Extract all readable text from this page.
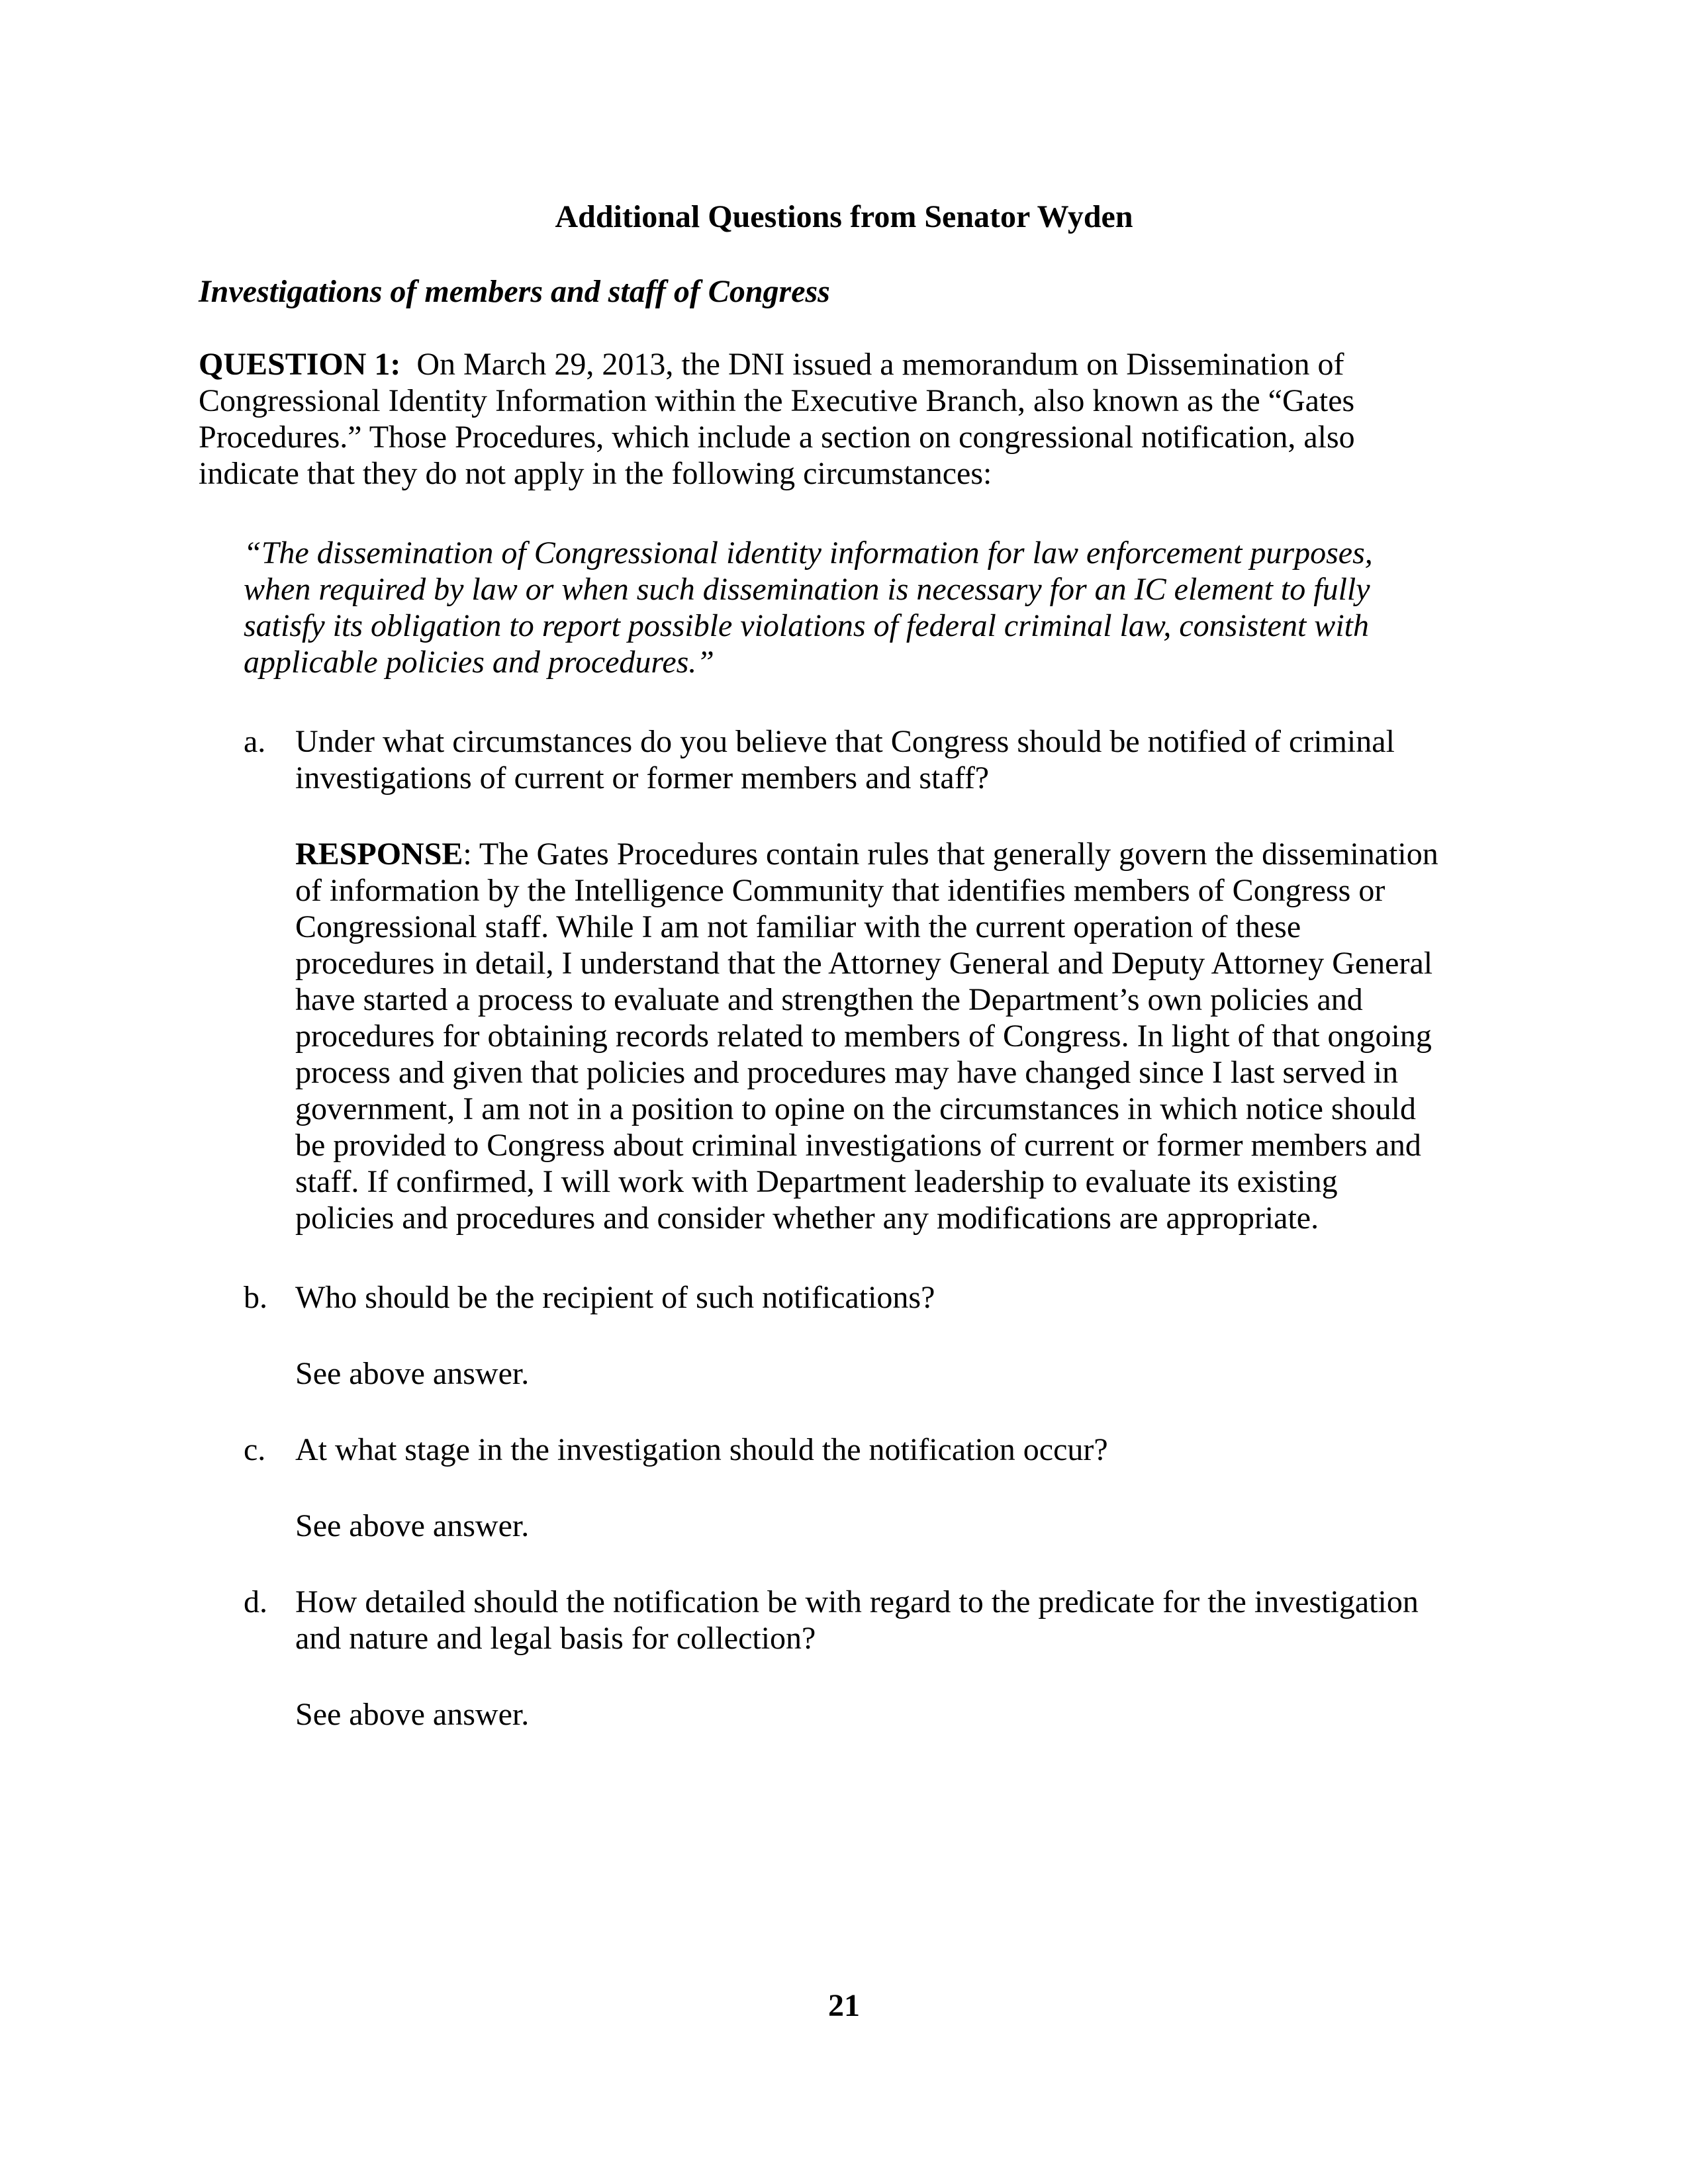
Additional Questions from Senator Wyden
Investigations of members and staff of Congress
QUESTION 1:  On March 29, 2013, the DNI issued a memorandum on Dissemination of
Congressional Identity Information within the Executive Branch, also known as the “Gates
Procedures.” Those Procedures, which include a section on congressional notification, also
indicate that they do not apply in the following circumstances:
“The dissemination of Congressional identity information for law enforcement purposes,
when required by law or when such dissemination is necessary for an IC element to fully
satisfy its obligation to report possible violations of federal criminal law, consistent with
applicable policies and procedures.”
a. Under what circumstances do you believe that Congress should be notified of criminal
investigations of current or former members and staff?
RESPONSE: The Gates Procedures contain rules that generally govern the dissemination
of information by the Intelligence Community that identifies members of Congress or
Congressional staff. While I am not familiar with the current operation of these
procedures in detail, I understand that the Attorney General and Deputy Attorney General
have started a process to evaluate and strengthen the Department’s own policies and
procedures for obtaining records related to members of Congress. In light of that ongoing
process and given that policies and procedures may have changed since I last served in
government, I am not in a position to opine on the circumstances in which notice should
be provided to Congress about criminal investigations of current or former members and
staff. If confirmed, I will work with Department leadership to evaluate its existing
policies and procedures and consider whether any modifications are appropriate.
b. Who should be the recipient of such notifications?
See above answer.
c. At what stage in the investigation should the notification occur?
See above answer.
d. How detailed should the notification be with regard to the predicate for the investigation
and nature and legal basis for collection?
See above answer.
21
